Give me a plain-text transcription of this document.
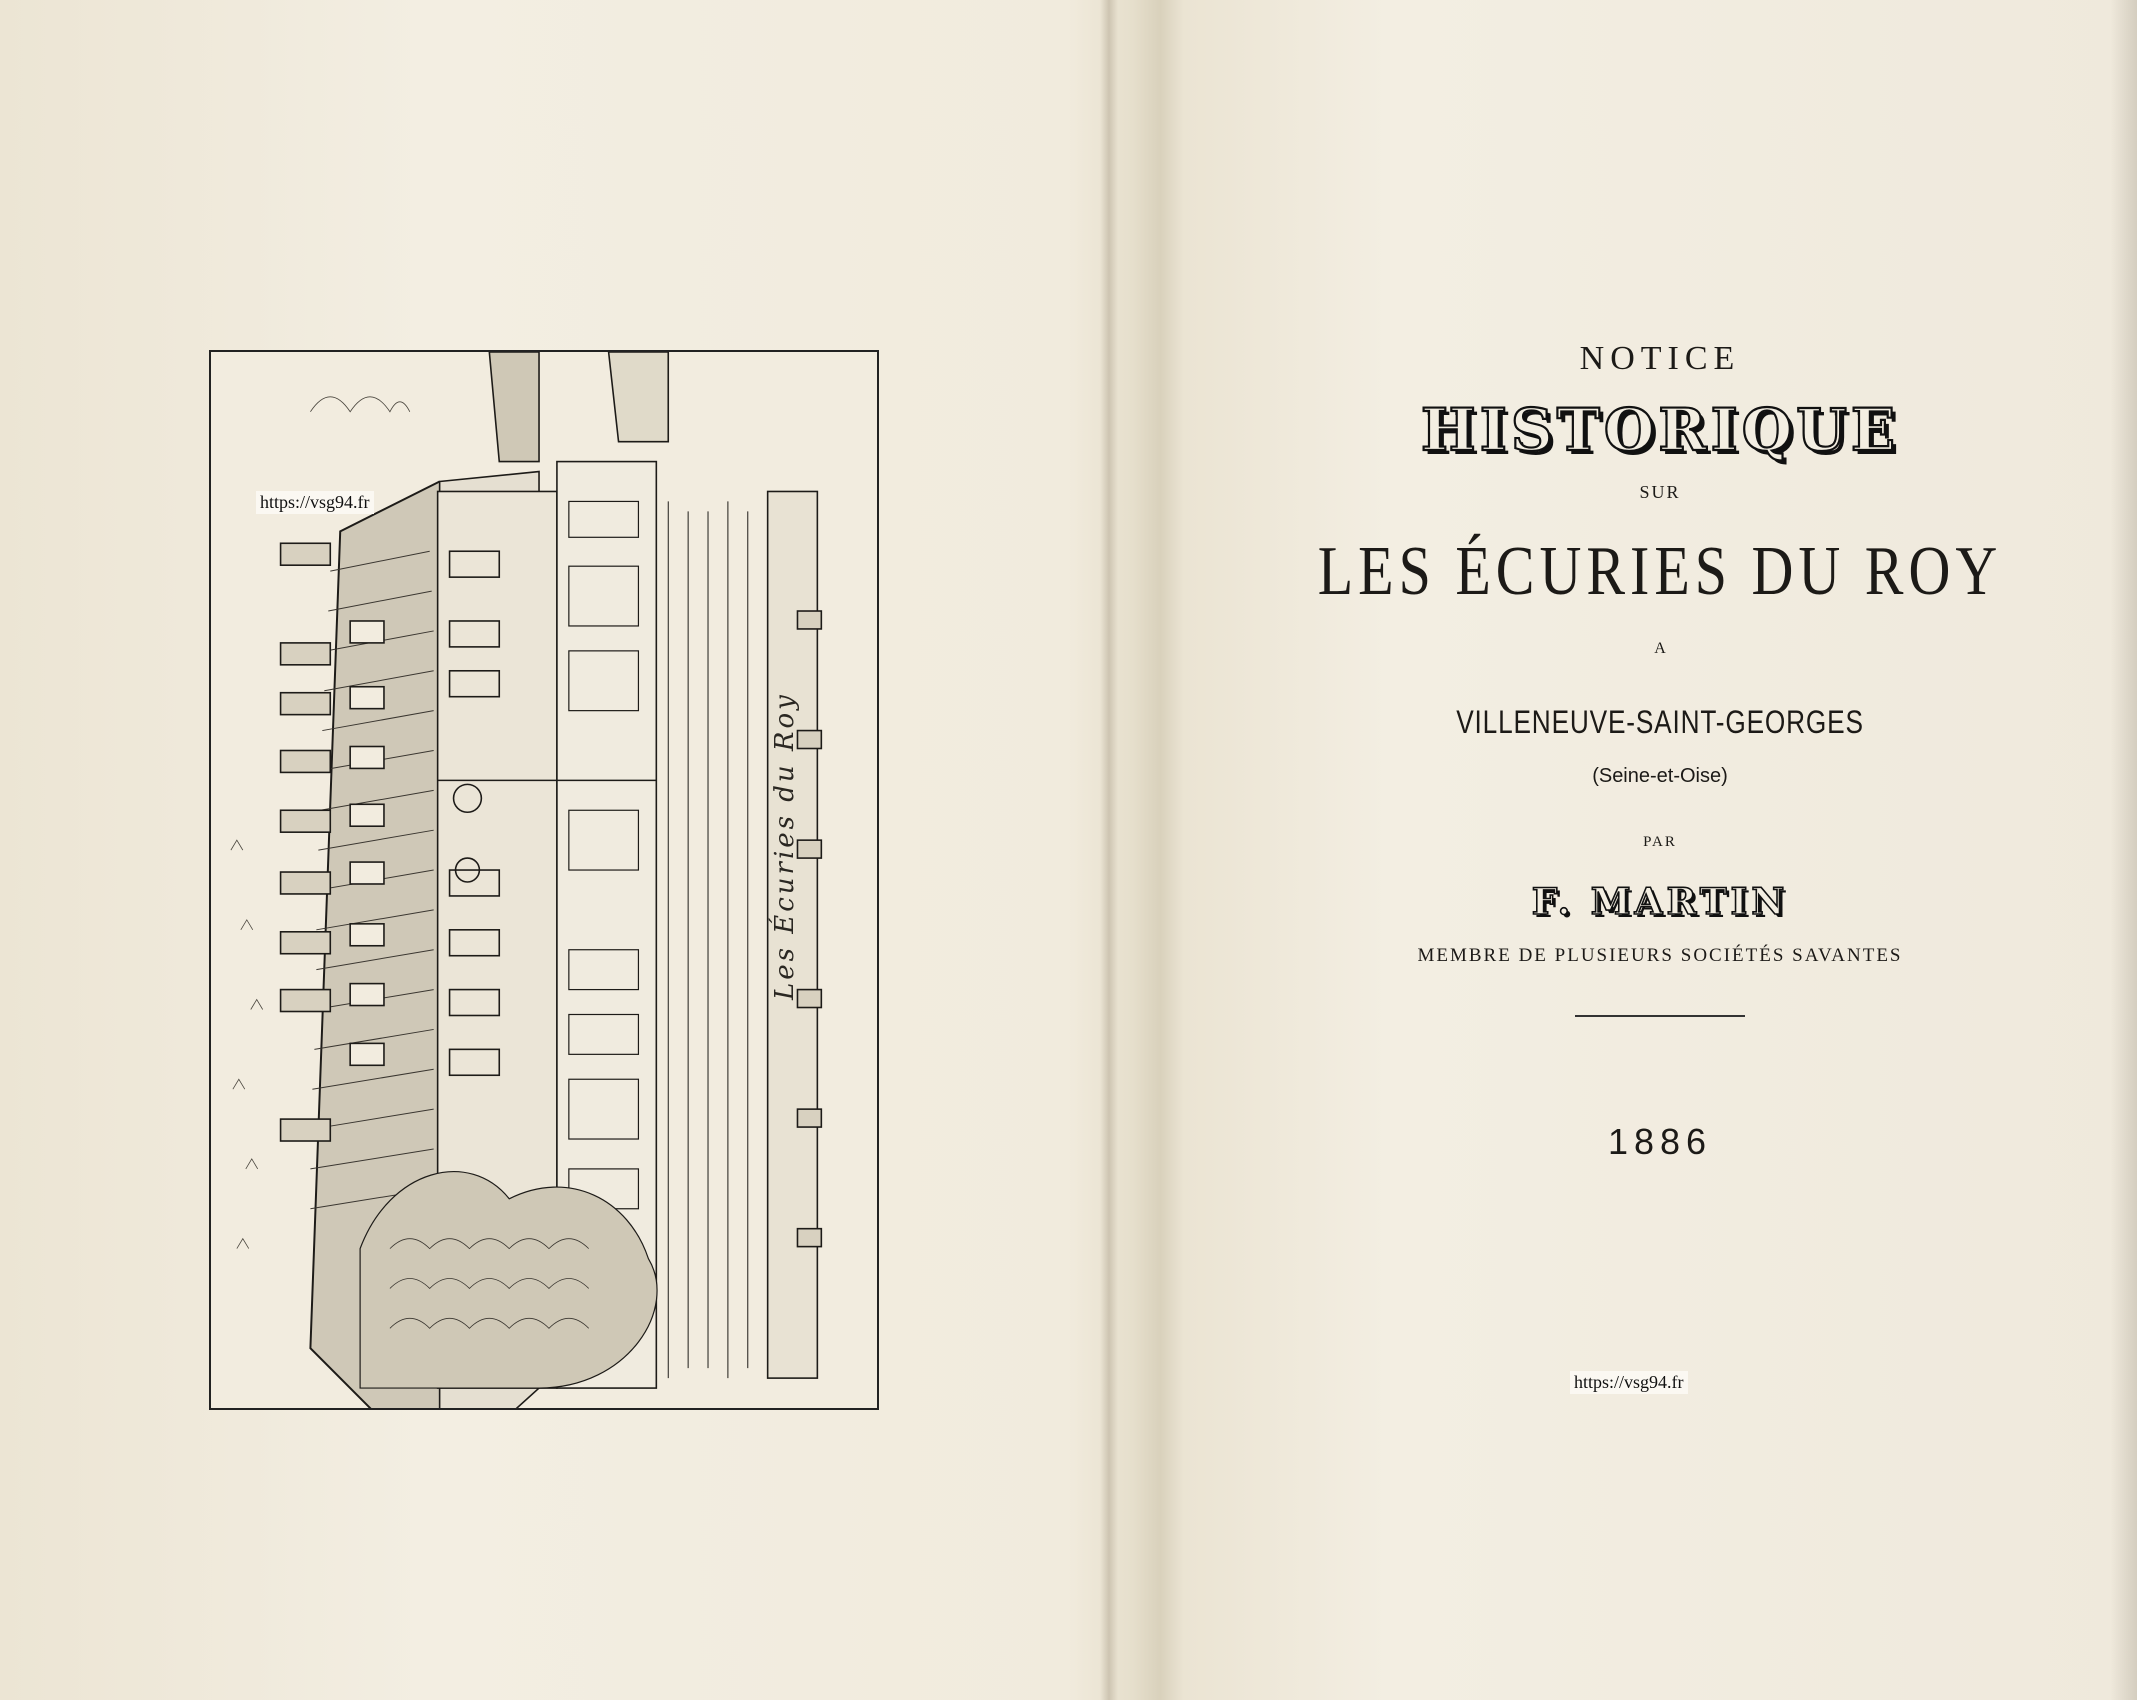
https://vsg94.fr
Les Écuries du Roy
NOTICE
HISTORIQUE
SUR
LES ÉCURIES DU ROY
A
VILLENEUVE-SAINT-GEORGES
(Seine-et-Oise)
PAR
F. MARTIN
MEMBRE DE PLUSIEURS SOCIÉTÉS SAVANTES
1886
https://vsg94.fr
